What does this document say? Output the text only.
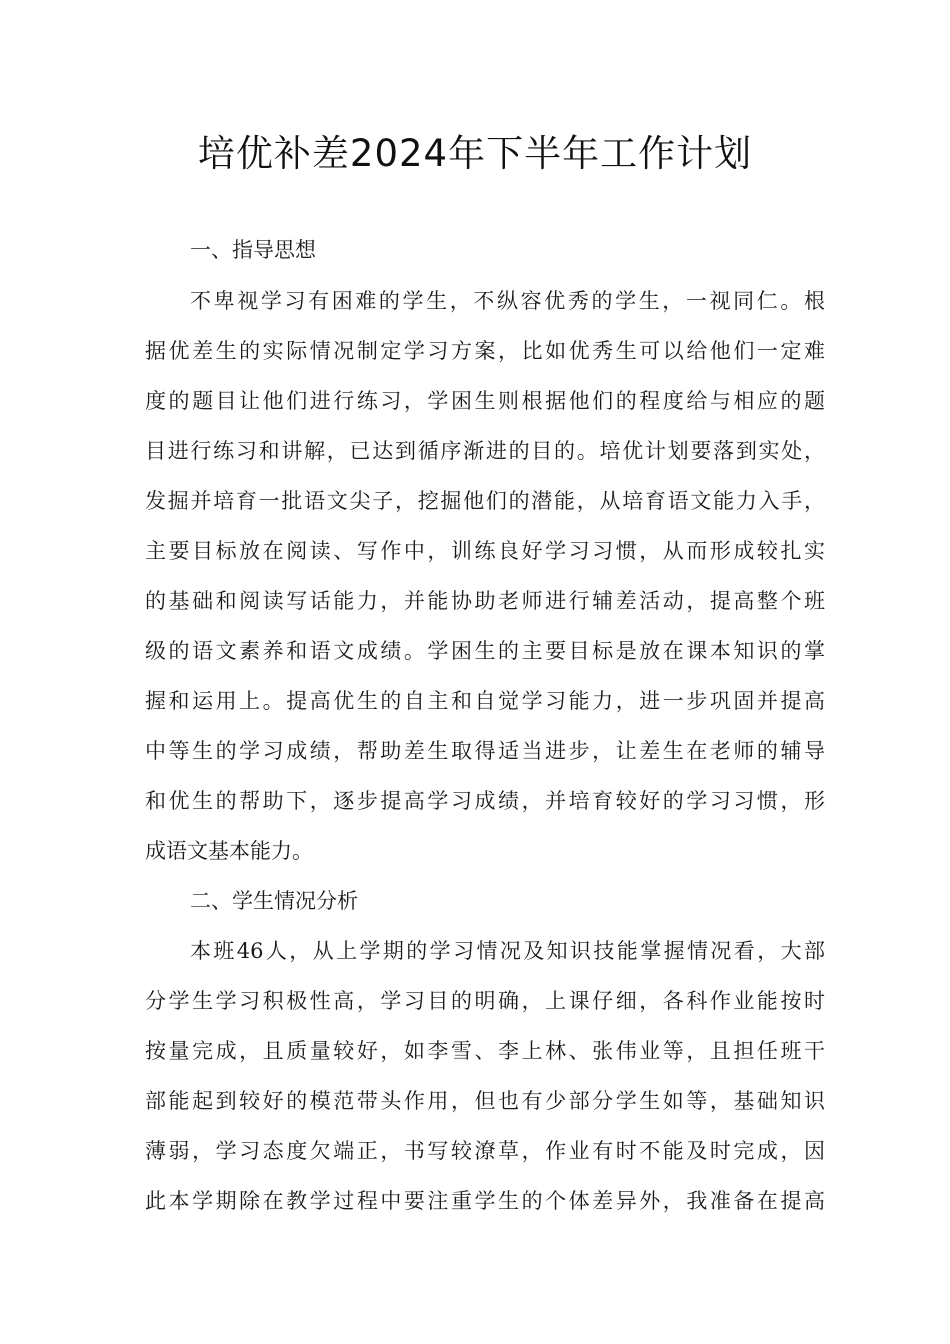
培优补差2024年下半年工作计划

一、指导思想

不卑视学习有困难的学生，不纵容优秀的学生，一视同仁。根

据优差生的实际情况制定学习方案，比如优秀生可以给他们一定难

度的题目让他们进行练习，学困生则根据他们的程度给与相应的题

目进行练习和讲解，已达到循序渐进的目的。培优计划要落到实处，

发掘并培育一批语文尖子，挖掘他们的潜能，从培育语文能力入手，

主要目标放在阅读、写作中，训练良好学习习惯，从而形成较扎实

的基础和阅读写话能力，并能协助老师进行辅差活动，提高整个班

级的语文素养和语文成绩。学困生的主要目标是放在课本知识的掌

握和运用上。提高优生的自主和自觉学习能力，进一步巩固并提高

中等生的学习成绩，帮助差生取得适当进步，让差生在老师的辅导

和优生的帮助下，逐步提高学习成绩，并培育较好的学习习惯，形

成语文基本能力。

二、学生情况分析

本班46人，从上学期的学习情况及知识技能掌握情况看，大部

分学生学习积极性高，学习目的明确，上课仔细，各科作业能按时

按量完成，且质量较好，如李雪、李上林、张伟业等，且担任班干

部能起到较好的模范带头作用，但也有少部分学生如等，基础知识

薄弱，学习态度欠端正，书写较潦草，作业有时不能及时完成，因

此本学期除在教学过程中要注重学生的个体差异外，我准备在提高
